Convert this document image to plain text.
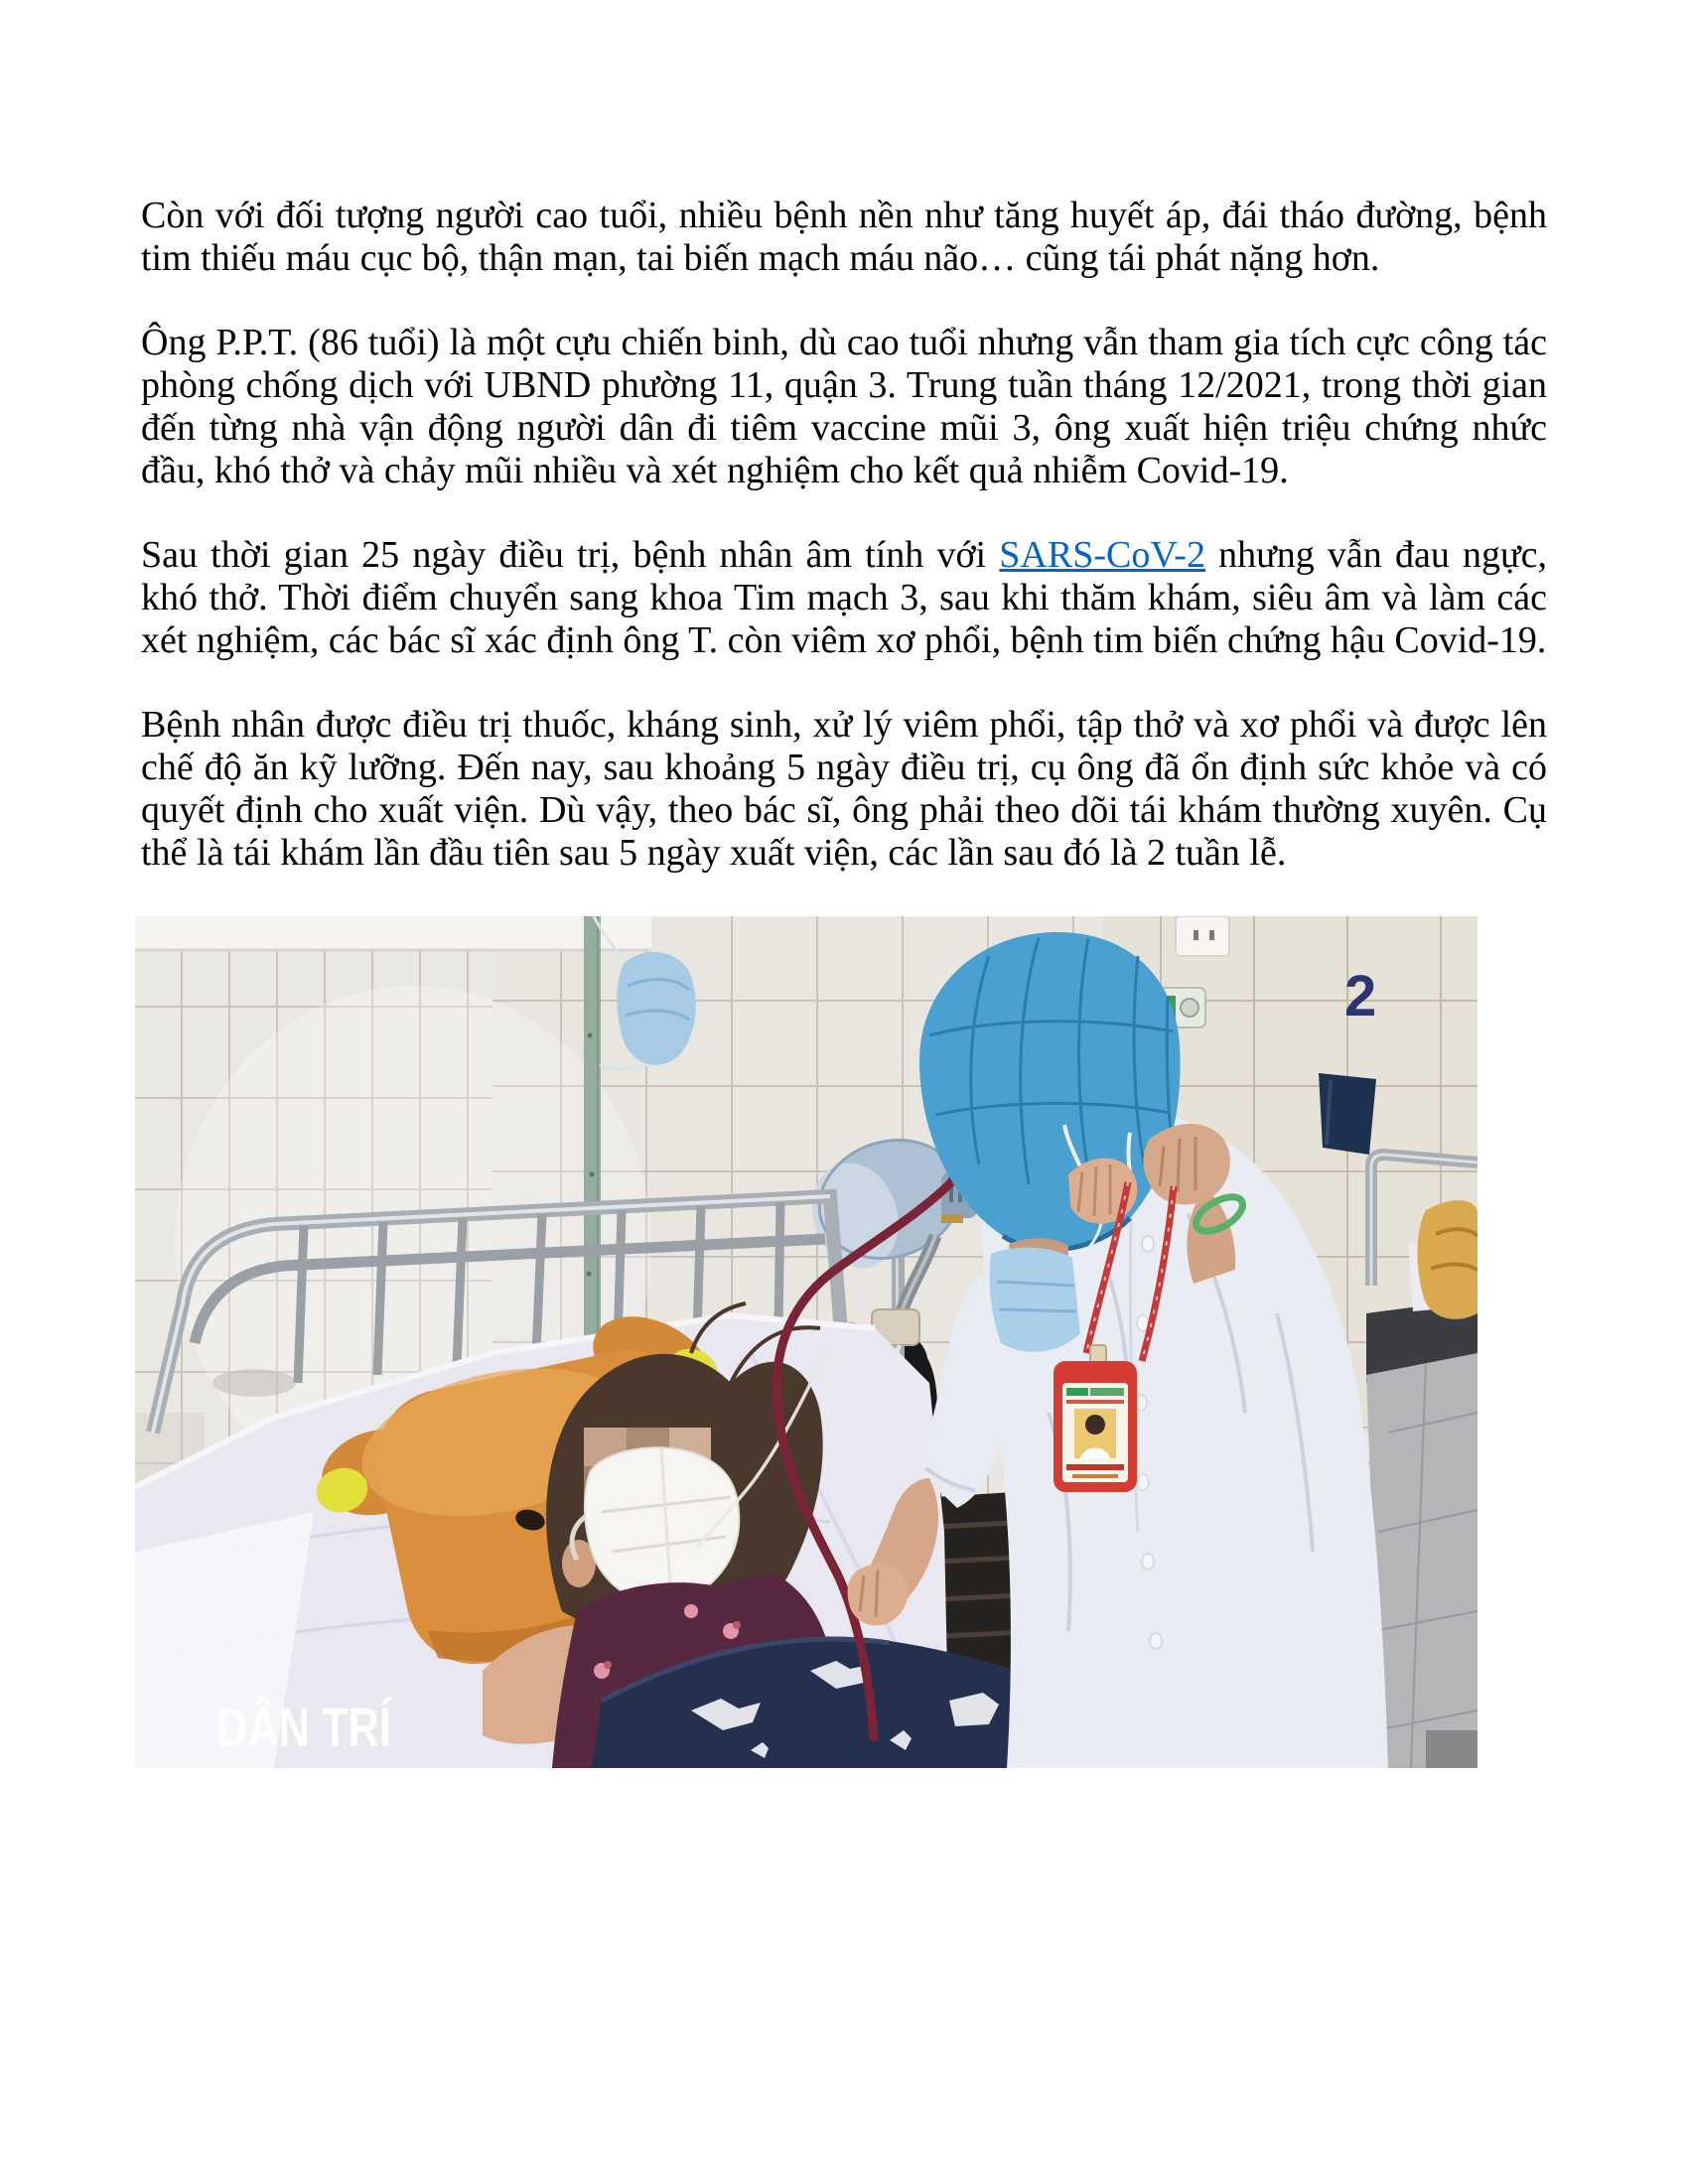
Còn với đối tượng người cao tuổi, nhiều bệnh nền như tăng huyết áp, đái tháo đường, bệnh tim thiếu máu cục bộ, thận mạn, tai biến mạch máu não… cũng tái phát nặng hơn.

Ông P.P.T. (86 tuổi) là một cựu chiến binh, dù cao tuổi nhưng vẫn tham gia tích cực công tác phòng chống dịch với UBND phường 11, quận 3. Trung tuần tháng 12/2021, trong thời gian đến từng nhà vận động người dân đi tiêm vaccine mũi 3, ông xuất hiện triệu chứng nhức đầu, khó thở và chảy mũi nhiều và xét nghiệm cho kết quả nhiễm Covid-19.

Sau thời gian 25 ngày điều trị, bệnh nhân âm tính với SARS-CoV-2 nhưng vẫn đau ngực, khó thở. Thời điểm chuyển sang khoa Tim mạch 3, sau khi thăm khám, siêu âm và làm các xét nghiệm, các bác sĩ xác định ông T. còn viêm xơ phổi, bệnh tim biến chứng hậu Covid-19.

Bệnh nhân được điều trị thuốc, kháng sinh, xử lý viêm phổi, tập thở và xơ phổi và được lên chế độ ăn kỹ lưỡng. Đến nay, sau khoảng 5 ngày điều trị, cụ ông đã ổn định sức khỏe và có quyết định cho xuất viện. Dù vậy, theo bác sĩ, ông phải theo dõi tái khám thường xuyên. Cụ thể là tái khám lần đầu tiên sau 5 ngày xuất viện, các lần sau đó là 2 tuần lễ.

2
DÂN TRÍ
